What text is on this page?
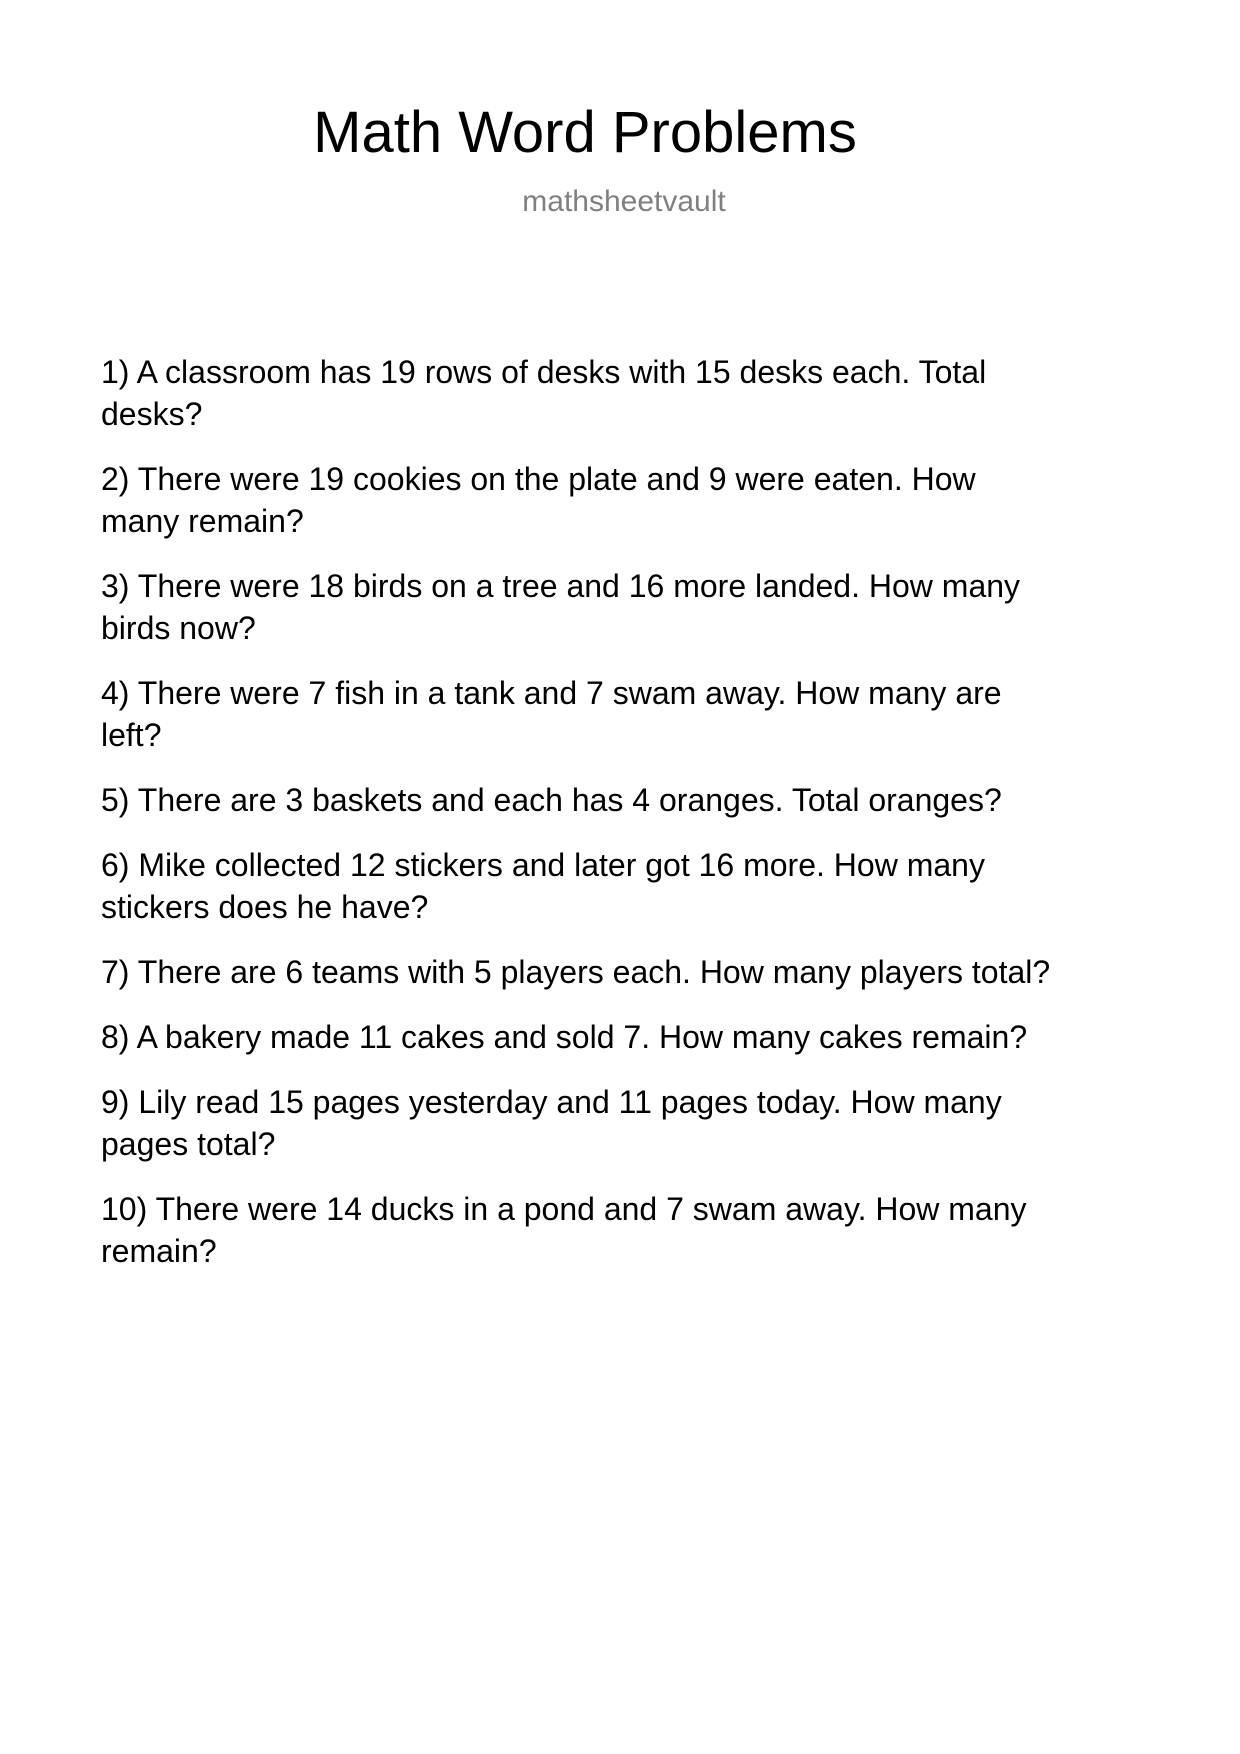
Math Word Problems
mathsheetvault
1) A classroom has 19 rows of desks with 15 desks each. Total
desks?
2) There were 19 cookies on the plate and 9 were eaten. How
many remain?
3) There were 18 birds on a tree and 16 more landed. How many
birds now?
4) There were 7 fish in a tank and 7 swam away. How many are
left?
5) There are 3 baskets and each has 4 oranges. Total oranges?
6) Mike collected 12 stickers and later got 16 more. How many
stickers does he have?
7) There are 6 teams with 5 players each. How many players total?
8) A bakery made 11 cakes and sold 7. How many cakes remain?
9) Lily read 15 pages yesterday and 11 pages today. How many
pages total?
10) There were 14 ducks in a pond and 7 swam away. How many
remain?
